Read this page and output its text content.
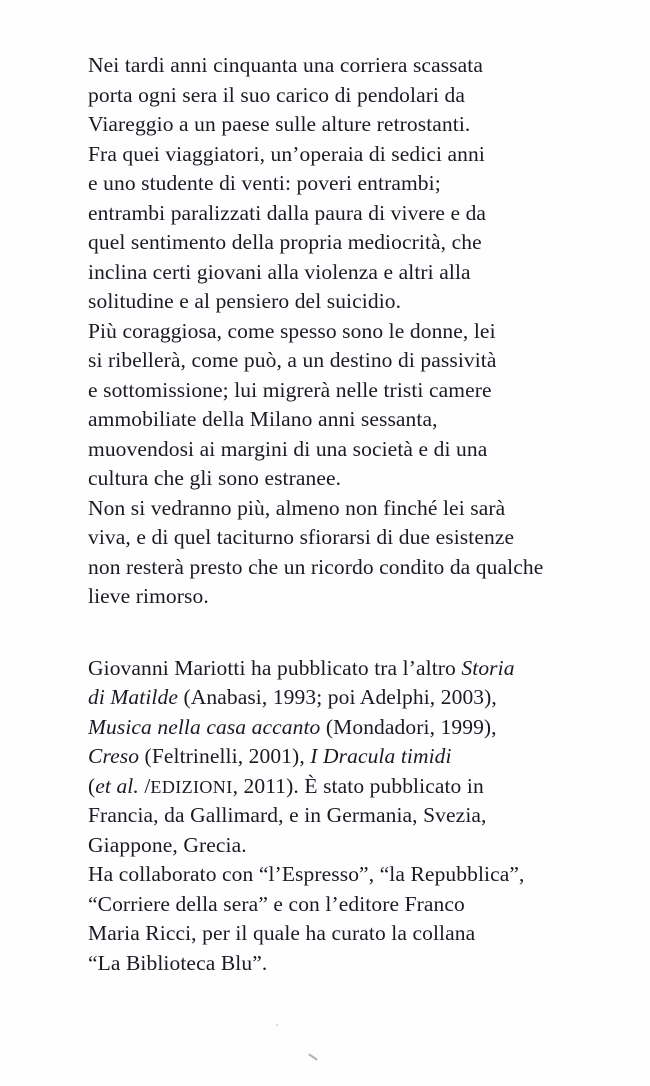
Nei tardi anni cinquanta una corriera scassata
porta ogni sera il suo carico di pendolari da
Viareggio a un paese sulle alture retrostanti.
Fra quei viaggiatori, un’operaia di sedici anni
e uno studente di venti: poveri entrambi;
entrambi paralizzati dalla paura di vivere e da
quel sentimento della propria mediocrità, che
inclina certi giovani alla violenza e altri alla
solitudine e al pensiero del suicidio.
Più coraggiosa, come spesso sono le donne, lei
si ribellerà, come può, a un destino di passività
e sottomissione; lui migrerà nelle tristi camere
ammobiliate della Milano anni sessanta,
muovendosi ai margini di una società e di una
cultura che gli sono estranee.
Non si vedranno più, almeno non finché lei sarà
viva, e di quel taciturno sfiorarsi di due esistenze
non resterà presto che un ricordo condito da qualche
lieve rimorso.
Giovanni Mariotti ha pubblicato tra l’altro Storia
di Matilde (Anabasi, 1993; poi Adelphi, 2003),
Musica nella casa accanto (Mondadori, 1999),
Creso (Feltrinelli, 2001), I Dracula timidi
(et al. /EDIZIONI, 2011). È stato pubblicato in
Francia, da Gallimard, e in Germania, Svezia,
Giappone, Grecia.
Ha collaborato con “l’Espresso”, “la Repubblica”,
“Corriere della sera” e con l’editore Franco
Maria Ricci, per il quale ha curato la collana
“La Biblioteca Blu”.
